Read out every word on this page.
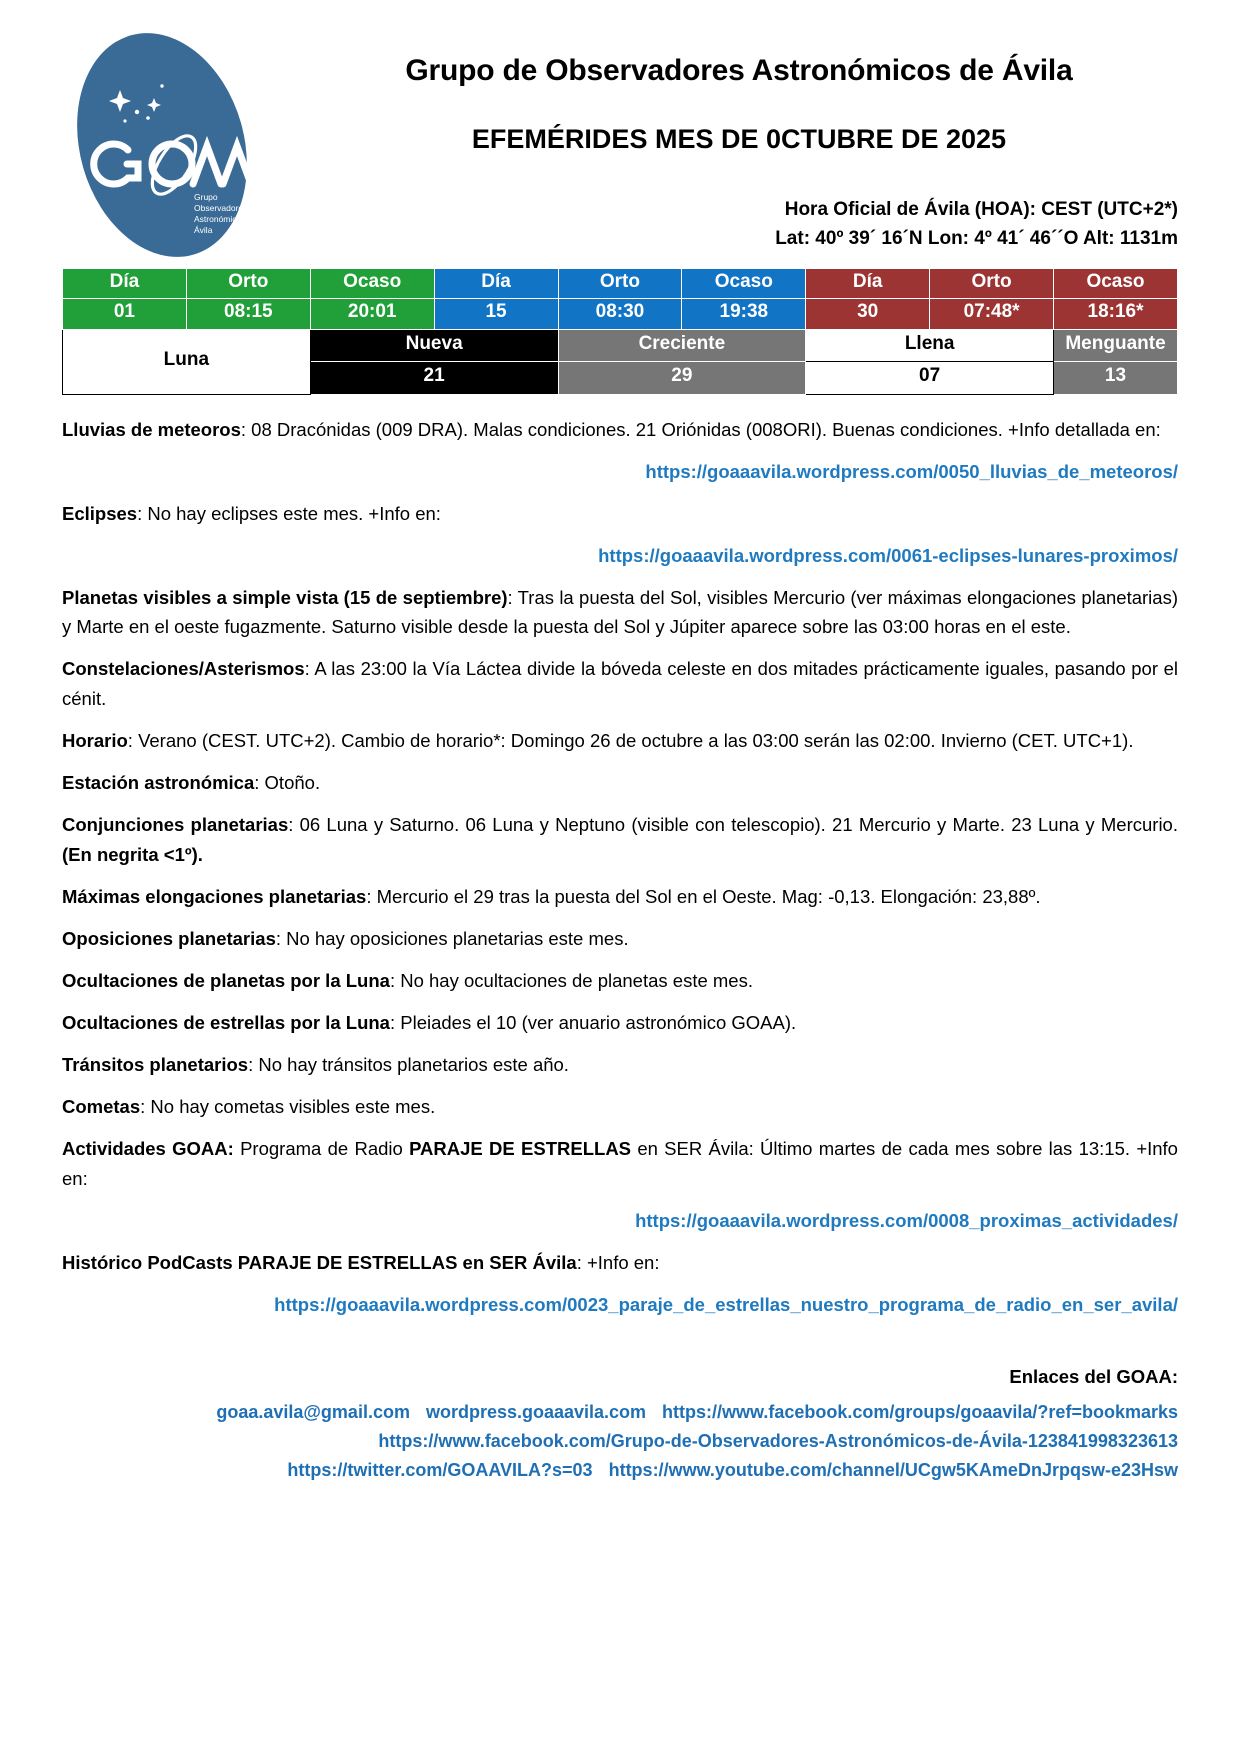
Grupo
Observadores
Astronómicos
Ávila
Grupo de Observadores Astronómicos de Ávila
EFEMÉRIDES MES DE 0CTUBRE DE 2025
Hora Oficial de Ávila (HOA): CEST (UTC+2*)
Lat: 40º 39´ 16´N Lon: 4º 41´ 46´´O Alt: 1131m
Día	Orto	Ocaso	Día	Orto	Ocaso	Día	Orto	Ocaso
01	08:15	20:01	15	08:30	19:38	30	07:48*	18:16*
Luna		Nueva		Creciente		Llena		Menguante
		21		29		07		13

Lluvias de meteoros: 08 Dracónidas (009 DRA). Malas condiciones. 21 Oriónidas (008ORI). Buenas condiciones. +Info detallada en:

https://goaaavila.wordpress.com/0050_lluvias_de_meteoros/

Eclipses: No hay eclipses este mes. +Info en:

https://goaaavila.wordpress.com/0061-eclipses-lunares-proximos/

Planetas visibles a simple vista (15 de septiembre): Tras la puesta del Sol, visibles Mercurio (ver máximas elongaciones planetarias) y Marte en el oeste fugazmente. Saturno visible desde la puesta del Sol y Júpiter aparece sobre las 03:00 horas en el este.

Constelaciones/Asterismos: A las 23:00 la Vía Láctea divide la bóveda celeste en dos mitades prácticamente iguales, pasando por el cénit.

Horario: Verano (CEST. UTC+2). Cambio de horario*: Domingo 26 de octubre a las 03:00 serán las 02:00. Invierno (CET. UTC+1).

Estación astronómica: Otoño.

Conjunciones planetarias: 06 Luna y Saturno. 06 Luna y Neptuno (visible con telescopio). 21 Mercurio y Marte. 23 Luna y Mercurio. (En negrita <1º).

Máximas elongaciones planetarias: Mercurio el 29 tras la puesta del Sol en el Oeste. Mag: -0,13. Elongación: 23,88º.

Oposiciones planetarias: No hay oposiciones planetarias este mes.

Ocultaciones de planetas por la Luna: No hay ocultaciones de planetas este mes.

Ocultaciones de estrellas por la Luna: Pleiades el 10 (ver anuario astronómico GOAA).

Tránsitos planetarios: No hay tránsitos planetarios este año.

Cometas: No hay cometas visibles este mes.

Actividades GOAA: Programa de Radio PARAJE DE ESTRELLAS en SER Ávila: Último martes de cada mes sobre las 13:15. +Info en:

https://goaaavila.wordpress.com/0008_proximas_actividades/

Histórico PodCasts PARAJE DE ESTRELLAS en SER Ávila: +Info en:

https://goaaavila.wordpress.com/0023_paraje_de_estrellas_nuestro_programa_de_radio_en_ser_avila/

Enlaces del GOAA:
goaa.avila@gmail.com wordpress.goaaavila.com https://www.facebook.com/groups/goaavila/?ref=bookmarks
https://www.facebook.com/Grupo-de-Observadores-Astronómicos-de-Ávila-123841998323613
https://twitter.com/GOAAVILA?s=03 https://www.youtube.com/channel/UCgw5KAmeDnJrpqsw-e23Hsw
